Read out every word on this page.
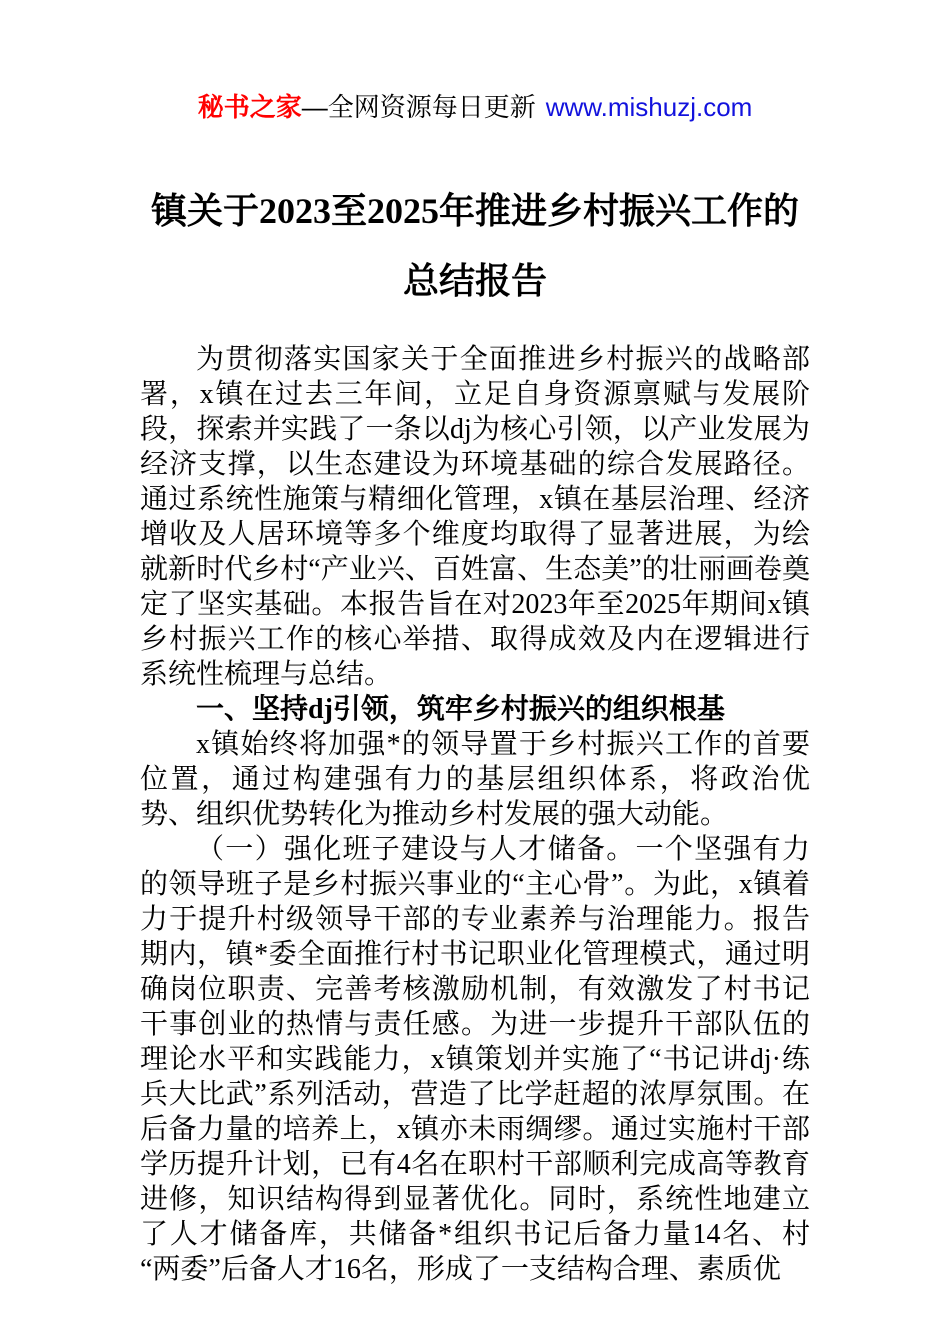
秘书之家—全网资源每日更新 www.mishuzj.com
镇关于2023至2025年推进乡村振兴工作的
总结报告

为贯彻落实国家关于全面推进乡村振兴的战略部署，x镇在过去三年间，立足自身资源禀赋与发展阶段，探索并实践了一条以dj为核心引领，以产业发展为经济支撑，以生态建设为环境基础的综合发展路径。通过系统性施策与精细化管理，x镇在基层治理、经济增收及人居环境等多个维度均取得了显著进展，为绘就新时代乡村“产业兴、百姓富、生态美”的壮丽画卷奠定了坚实基础。本报告旨在对2023年至2025年期间x镇乡村振兴工作的核心举措、取得成效及内在逻辑进行系统性梳理与总结。

一、坚持dj引领，筑牢乡村振兴的组织根基

x镇始终将加强*的领导置于乡村振兴工作的首要位置，通过构建强有力的基层组织体系，将政治优势、组织优势转化为推动乡村发展的强大动能。

（一）强化班子建设与人才储备。一个坚强有力的领导班子是乡村振兴事业的“主心骨”。为此，x镇着力于提升村级领导干部的专业素养与治理能力。报告期内，镇*委全面推行村书记职业化管理模式，通过明确岗位职责、完善考核激励机制，有效激发了村书记干事创业的热情与责任感。为进一步提升干部队伍的理论水平和实践能力，x镇策划并实施了“书记讲dj·练兵大比武”系列活动，营造了比学赶超的浓厚氛围。在后备力量的培养上，x镇亦未雨绸缪。通过实施村干部学历提升计划，已有4名在职村干部顺利完成高等教育进修，知识结构得到显著优化。同时，系统性地建立了人才储备库，共储备*组织书记后备力量14名、村“两委”后备人才16名，形成了一支结构合理、素质优
